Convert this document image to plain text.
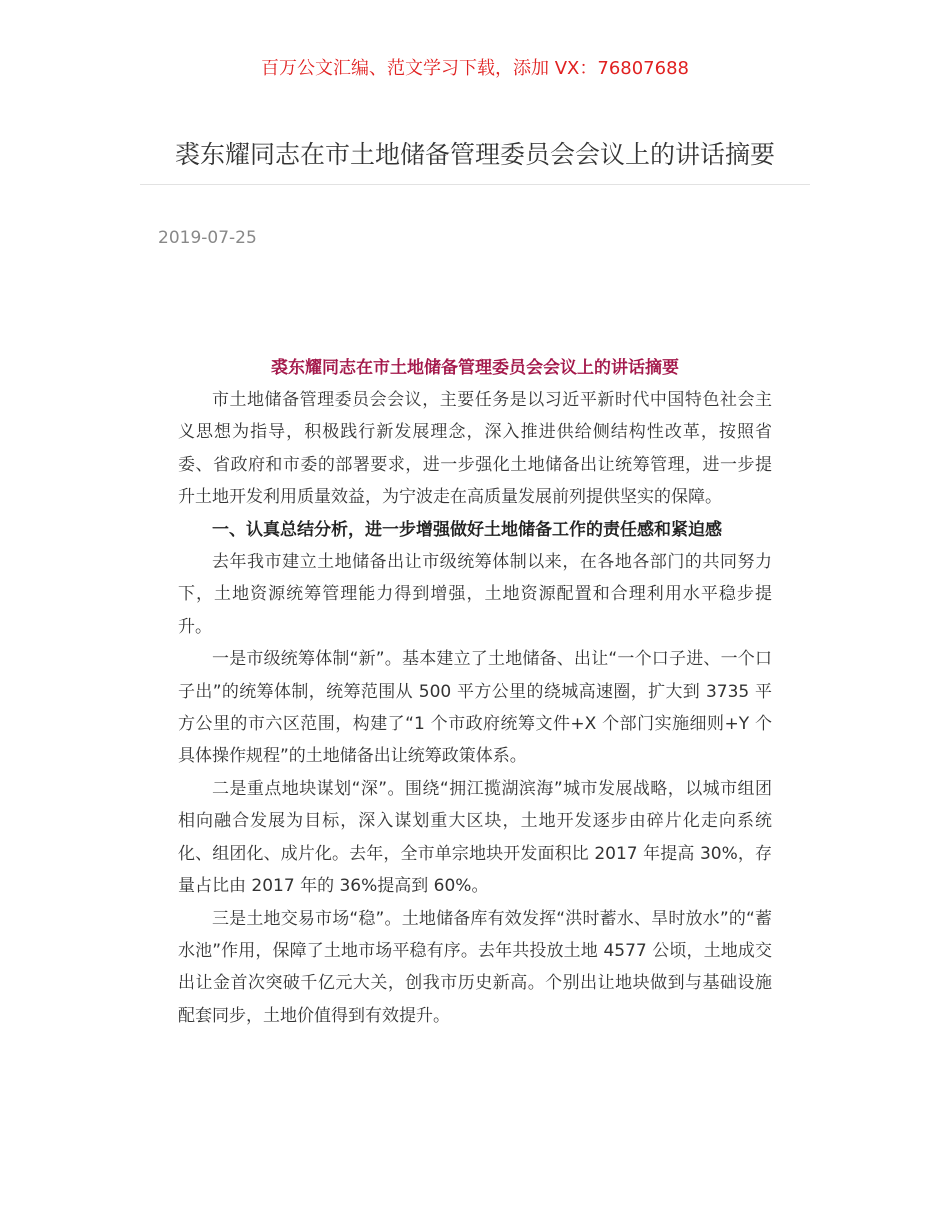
百万公文汇编、范文学习下载，添加 VX：76807688
裘东耀同志在市土地储备管理委员会会议上的讲话摘要
2019-07-25

裘东耀同志在市土地储备管理委员会会议上的讲话摘要

市土地储备管理委员会会议，主要任务是以习近平新时代中国特色社会主义思想为指导，积极践行新发展理念，深入推进供给侧结构性改革，按照省委、省政府和市委的部署要求，进一步强化土地储备出让统筹管理，进一步提升土地开发利用质量效益，为宁波走在高质量发展前列提供坚实的保障。

一、认真总结分析，进一步增强做好土地储备工作的责任感和紧迫感

去年我市建立土地储备出让市级统筹体制以来，在各地各部门的共同努力下，土地资源统筹管理能力得到增强，土地资源配置和合理利用水平稳步提升。

一是市级统筹体制“新”。基本建立了土地储备、出让“一个口子进、一个口子出”的统筹体制，统筹范围从 500 平方公里的绕城高速圈，扩大到 3735 平方公里的市六区范围，构建了“1 个市政府统筹文件+X 个部门实施细则+Y 个具体操作规程”的土地储备出让统筹政策体系。

二是重点地块谋划“深”。围绕“拥江揽湖滨海”城市发展战略，以城市组团相向融合发展为目标，深入谋划重大区块，土地开发逐步由碎片化走向系统化、组团化、成片化。去年，全市单宗地块开发面积比 2017 年提高 30%，存量占比由 2017 年的 36%提高到 60%。

三是土地交易市场“稳”。土地储备库有效发挥“洪时蓄水、旱时放水”的“蓄水池”作用，保障了土地市场平稳有序。去年共投放土地 4577 公顷，土地成交出让金首次突破千亿元大关，创我市历史新高。个别出让地块做到与基础设施配套同步，土地价值得到有效提升。
